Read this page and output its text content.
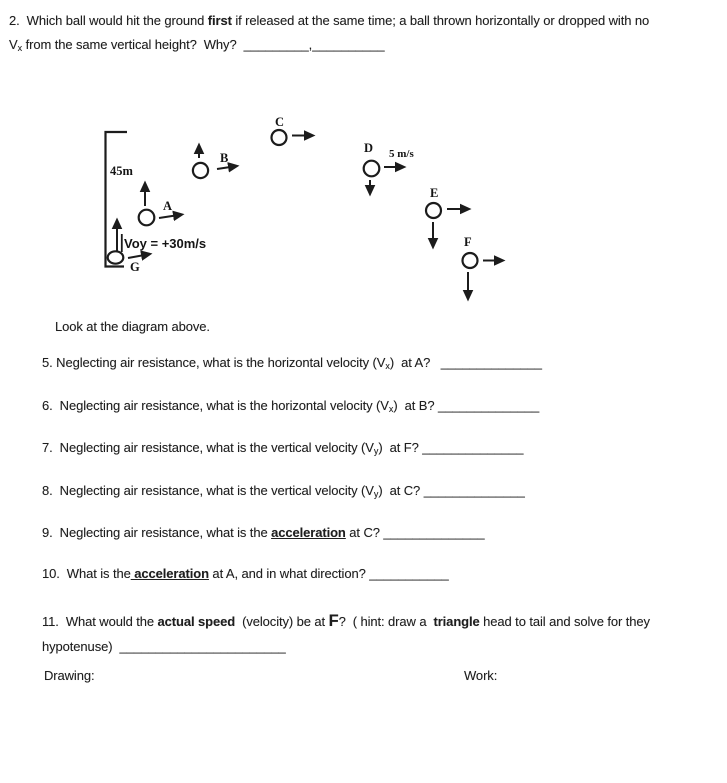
2.  Which ball would hit the ground first if released at the same time; a ball thrown horizontally or dropped with no
Vx from the same vertical height?  Why?  _________,__________
45m
Voy = +30m/s
G
A
B
C
D 5 m/s
E
F
Look at the diagram above.
5. Neglecting air resistance, what is the horizontal velocity (Vx)  at A?   ______________
6.  Neglecting air resistance, what is the horizontal velocity (Vx)  at B? ______________
7.  Neglecting air resistance, what is the vertical velocity (Vy)  at F? ______________
8.  Neglecting air resistance, what is the vertical velocity (Vy)  at C? ______________
9.  Neglecting air resistance, what is the acceleration at C? ______________
10.  What is the acceleration at A, and in what direction? ___________
11.  What would the actual speed  (velocity) be at F?  ( hint: draw a  triangle head to tail and solve for they
hypotenuse)  _______________________
Drawing:	Work:
